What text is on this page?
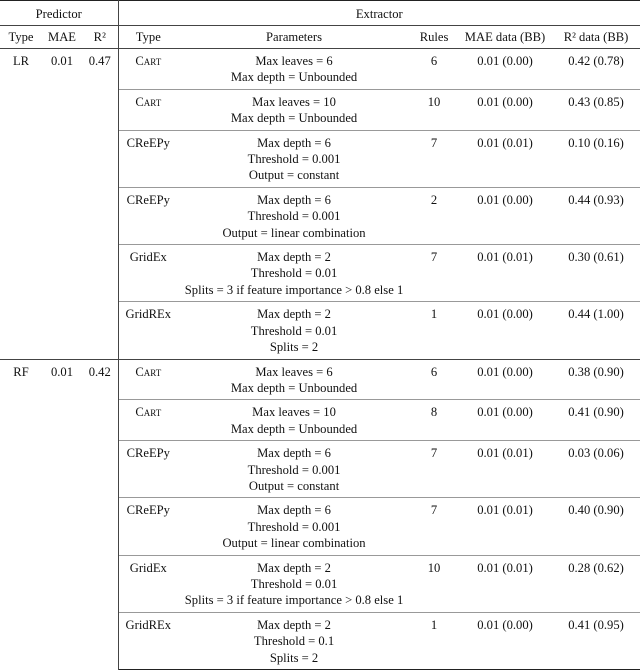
Predictor			Extractor				
Type	MAE	R²	Type	Parameters	Rules	MAE data (BB)	R² data (BB)
LR	0.01	0.47	Cart	Max leaves = 6
Max depth = Unbounded	6	0.01 (0.00)	0.42 (0.78)
			Cart	Max leaves = 10
Max depth = Unbounded	10	0.01 (0.00)	0.43 (0.85)
			CReEPy	Max depth = 6
Threshold = 0.001
Output = constant	7	0.01 (0.01)	0.10 (0.16)
			CReEPy	Max depth = 6
Threshold = 0.001
Output = linear combination	2	0.01 (0.00)	0.44 (0.93)
			GridEx	Max depth = 2
Threshold = 0.01
Splits = 3 if feature importance > 0.8 else 1	7	0.01 (0.01)	0.30 (0.61)
			GridREx	Max depth = 2
Threshold = 0.01
Splits = 2	1	0.01 (0.00)	0.44 (1.00)
RF	0.01	0.42	Cart	Max leaves = 6
Max depth = Unbounded	6	0.01 (0.00)	0.38 (0.90)
			Cart	Max leaves = 10
Max depth = Unbounded	8	0.01 (0.00)	0.41 (0.90)
			CReEPy	Max depth = 6
Threshold = 0.001
Output = constant	7	0.01 (0.01)	0.03 (0.06)
			CReEPy	Max depth = 6
Threshold = 0.001
Output = linear combination	7	0.01 (0.01)	0.40 (0.90)
			GridEx	Max depth = 2
Threshold = 0.01
Splits = 3 if feature importance > 0.8 else 1	10	0.01 (0.01)	0.28 (0.62)
			GridREx	Max depth = 2
Threshold = 0.1
Splits = 2	1	0.01 (0.00)	0.41 (0.95)
